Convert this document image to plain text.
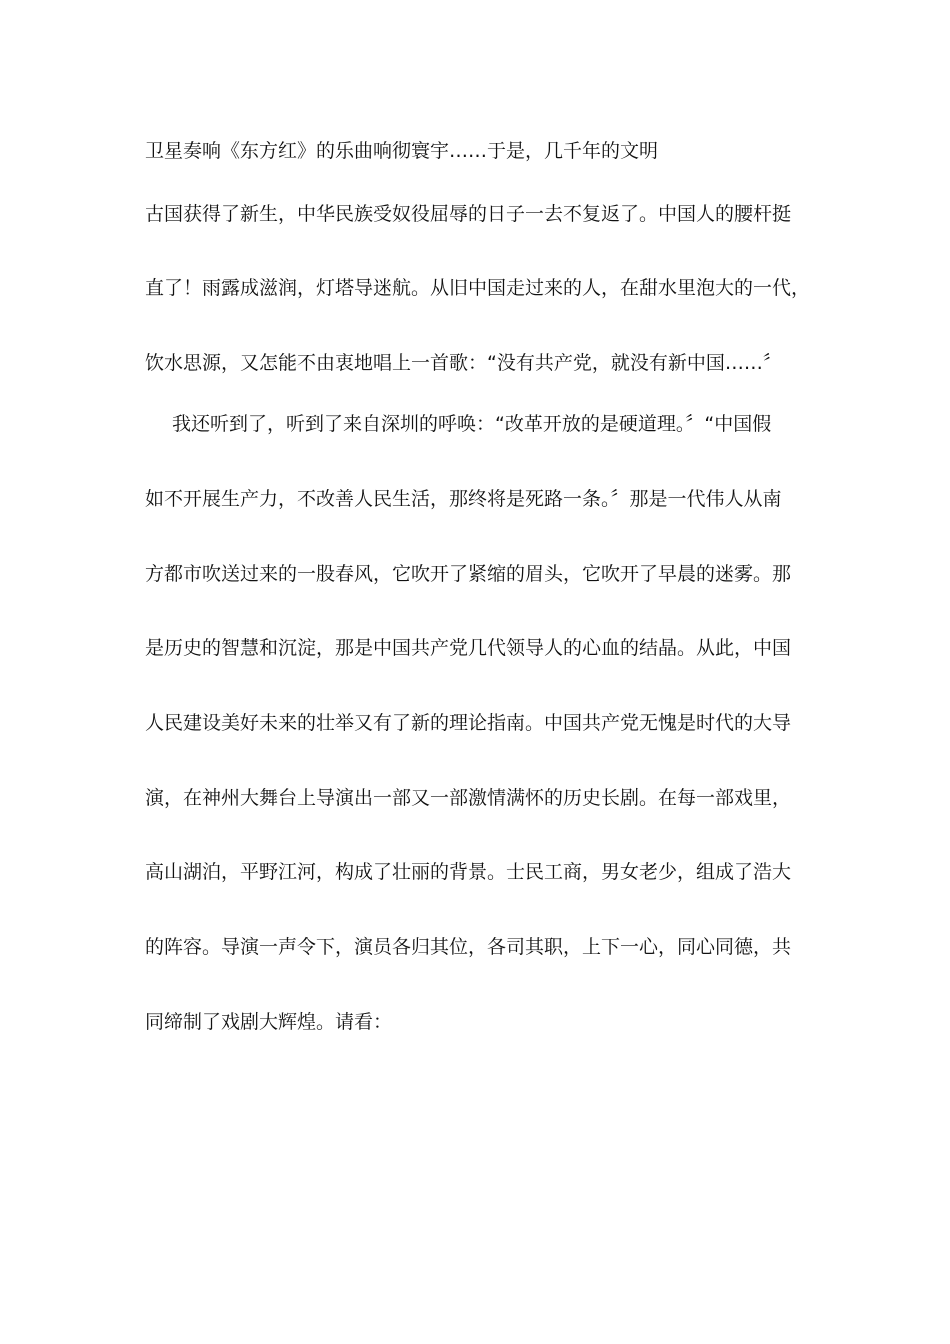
卫星奏响《东方红》的乐曲响彻寰宇……于是，几千年的文明
古国获得了新生，中华民族受奴役屈辱的日子一去不复返了。中国人的腰杆挺
直了！雨露成滋润，灯塔导迷航。从旧中国走过来的人，在甜水里泡大的一代，
饮水思源，又怎能不由衷地唱上一首歌：“没有共产党，就没有新中国……〞
我还听到了，听到了来自深圳的呼唤：“改革开放的是硬道理。〞“中国假
如不开展生产力，不改善人民生活，那终将是死路一条。〞那是一代伟人从南
方都市吹送过来的一股春风，它吹开了紧缩的眉头，它吹开了早晨的迷雾。那
是历史的智慧和沉淀，那是中国共产党几代领导人的心血的结晶。从此，中国
人民建设美好未来的壮举又有了新的理论指南。中国共产党无愧是时代的大导
演，在神州大舞台上导演出一部又一部激情满怀的历史长剧。在每一部戏里，
高山湖泊，平野江河，构成了壮丽的背景。士民工商，男女老少，组成了浩大
的阵容。导演一声令下，演员各归其位，各司其职，上下一心，同心同德，共
同缔制了戏剧大辉煌。请看：
